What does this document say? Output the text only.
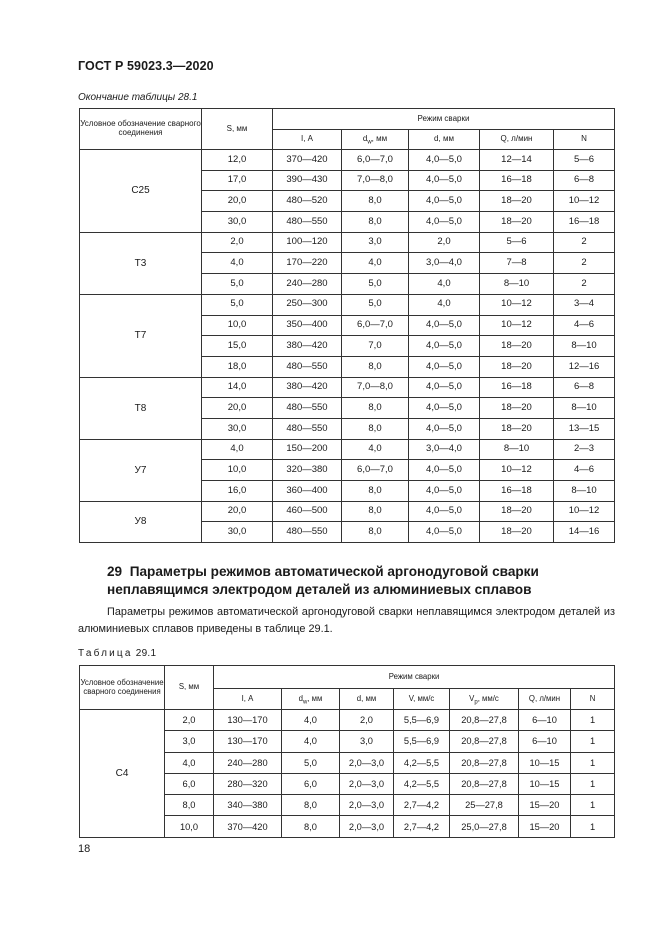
ГОСТ Р 59023.3—2020
Окончание таблицы 28.1
Условное обозначение сварного соединения	S, мм	Режим сварки				
		I, А	$d_w$, мм	d, мм	Q, л/мин	N
С25	12,0	370—420	6,0—7,0	4,0—5,0	12—14	5—6
	17,0	390—430	7,0—8,0	4,0—5,0	16—18	6—8
	20,0	480—520	8,0	4,0—5,0	18—20	10—12
	30,0	480—550	8,0	4,0—5,0	18—20	16—18
Т3	2,0	100—120	3,0	2,0	5—6	2
	4,0	170—220	4,0	3,0—4,0	7—8	2
	5,0	240—280	5,0	4,0	8—10	2
Т7	5,0	250—300	5,0	4,0	10—12	3—4
	10,0	350—400	6,0—7,0	4,0—5,0	10—12	4—6
	15,0	380—420	7,0	4,0—5,0	18—20	8—10
	18,0	480—550	8,0	4,0—5,0	18—20	12—16
Т8	14,0	380—420	7,0—8,0	4,0—5,0	16—18	6—8
	20,0	480—550	8,0	4,0—5,0	18—20	8—10
	30,0	480—550	8,0	4,0—5,0	18—20	13—15
У7	4,0	150—200	4,0	3,0—4,0	8—10	2—3
	10,0	320—380	6,0—7,0	4,0—5,0	10—12	4—6
	16,0	360—400	8,0	4,0—5,0	16—18	8—10
У8	20,0	460—500	8,0	4,0—5,0	18—20	10—12
	30,0	480—550	8,0	4,0—5,0	18—20	14—16
29 Параметры режимов автоматической аргонодуговой сварки неплавящимся электродом деталей из алюминиевых сплавов
Параметры режимов автоматической аргонодуговой сварки неплавящимся электродом деталей из алюминиевых сплавов приведены в таблице 29.1.
Таблица 29.1
Условное обозначение сварного соединения	S, мм	Режим сварки						
		I, А	$d_w$, мм	d, мм	V, мм/с	$V_p$, мм/с	Q, л/мин	N
С4	2,0	130—170	4,0	2,0	5,5—6,9	20,8—27,8	6—10	1
	3,0	130—170	4,0	3,0	5,5—6,9	20,8—27,8	6—10	1
	4,0	240—280	5,0	2,0—3,0	4,2—5,5	20,8—27,8	10—15	1
	6,0	280—320	6,0	2,0—3,0	4,2—5,5	20,8—27,8	10—15	1
	8,0	340—380	8,0	2,0—3,0	2,7—4,2	25—27,8	15—20	1
	10,0	370—420	8,0	2,0—3,0	2,7—4,2	25,0—27,8	15—20	1
18
